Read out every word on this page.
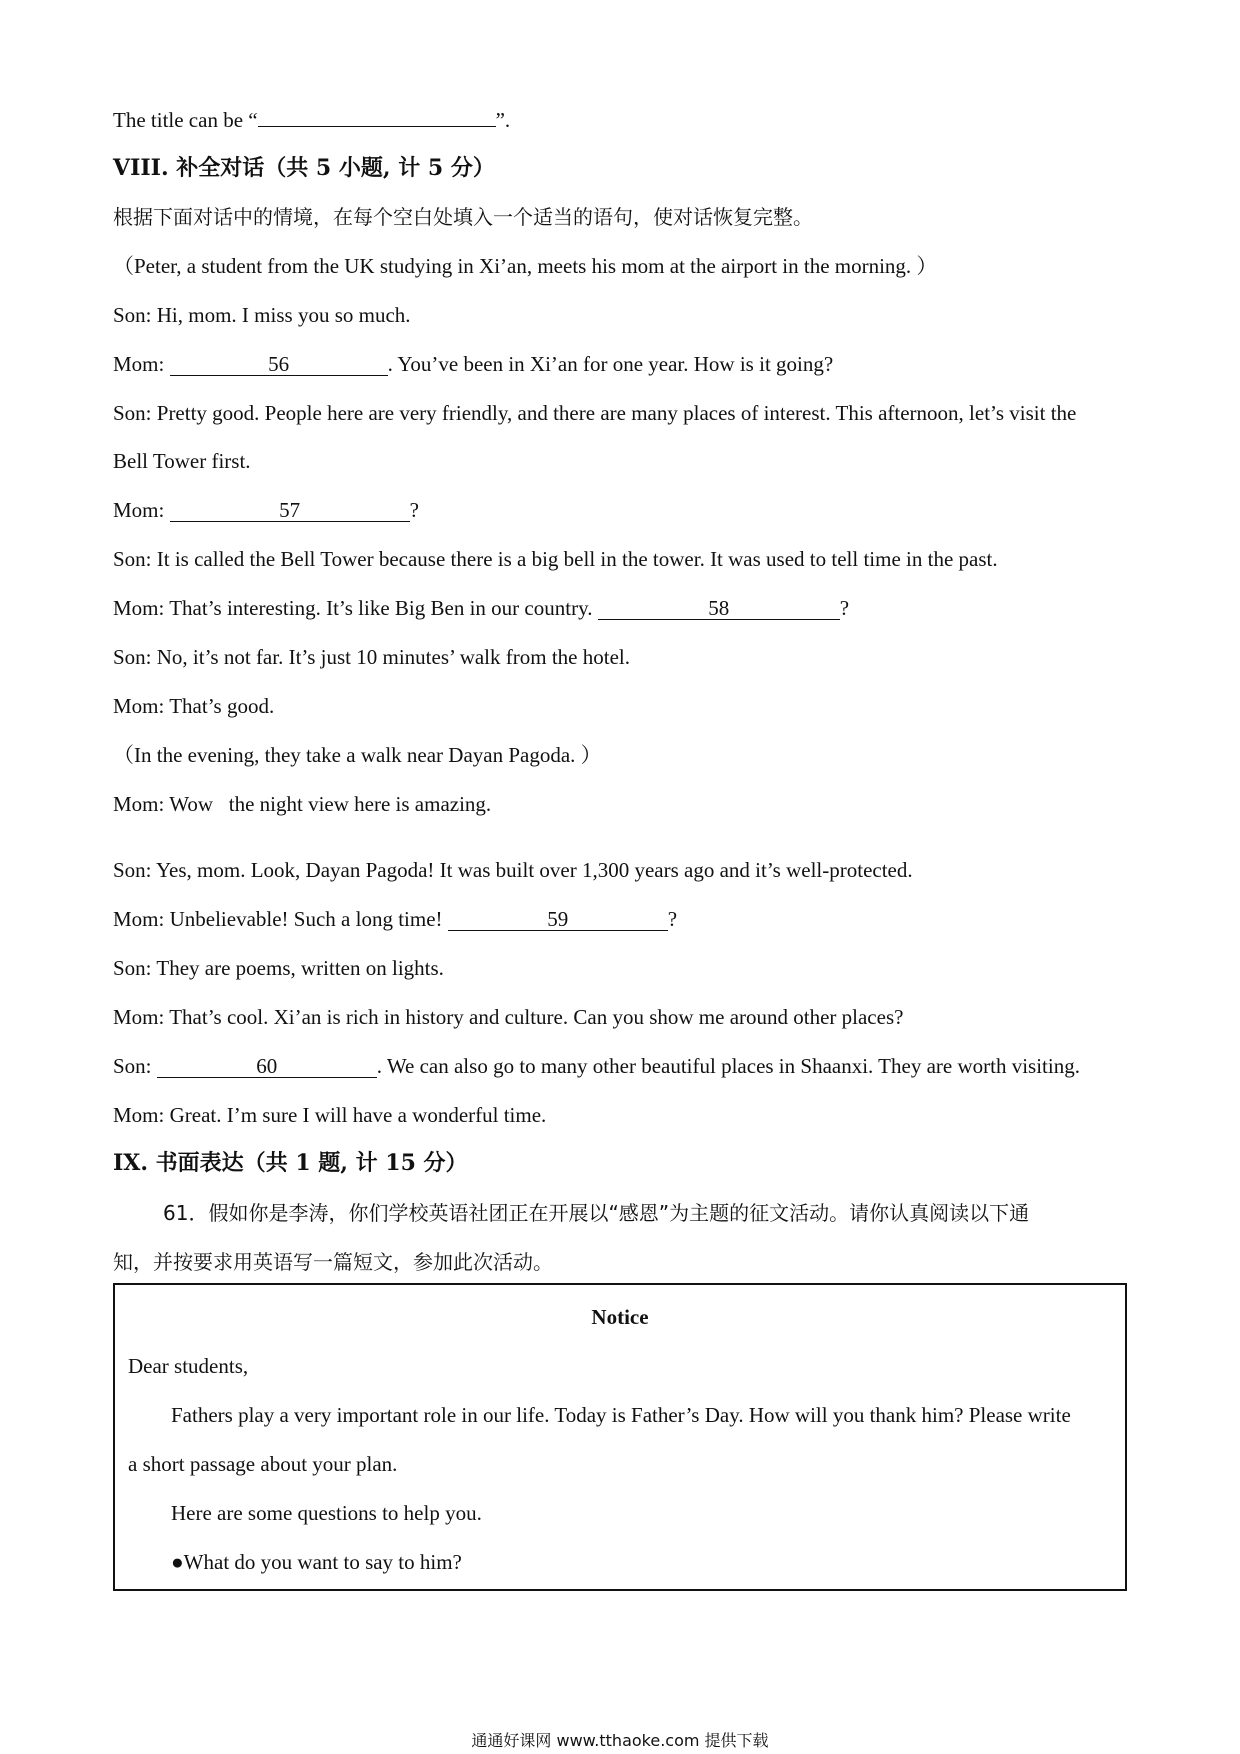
The title can be “	”.
VIII. 补全对话（共 5 小题, 计 5 分）
根据下面对话中的情境，在每个空白处填入一个适当的语句，使对话恢复完整。
（Peter, a student from the UK studying in Xi’an, meets his mom at the airport in the morning. ）
Son: Hi, mom. I miss you so much.
Mom:	56	. You’ve been in Xi’an for one year. How is it going?
Son: Pretty good. People here are very friendly, and there are many places of interest. This afternoon, let’s visit the
Bell Tower first.
Mom:	57	?
Son: It is called the Bell Tower because there is a big bell in the tower. It was used to tell time in the past.
Mom: That’s interesting. It’s like Big Ben in our country.	58	?
Son: No, it’s not far. It’s just 10 minutes’ walk from the hotel.
Mom: That’s good.
（In the evening, they take a walk near Dayan Pagoda. ）
Mom: Wow   the night view here is amazing.
Son: Yes, mom. Look, Dayan Pagoda! It was built over 1,300 years ago and it’s well-protected.
Mom: Unbelievable! Such a long time!	59	?
Son: They are poems, written on lights.
Mom: That’s cool. Xi’an is rich in history and culture. Can you show me around other places?
Son:	60	. We can also go to many other beautiful places in Shaanxi. They are worth visiting.
Mom: Great. I’m sure I will have a wonderful time.
IX. 书面表达（共 1 题, 计 15 分）
61．假如你是李涛，你们学校英语社团正在开展以“感恩”为主题的征文活动。请你认真阅读以下通
知，并按要求用英语写一篇短文，参加此次活动。
Notice
Dear students,
Fathers play a very important role in our life. Today is Father’s Day. How will you thank him? Please write
a short passage about your plan.
Here are some questions to help you.
●What do you want to say to him?
通通好课网 www.tthaoke.com 提供下载
